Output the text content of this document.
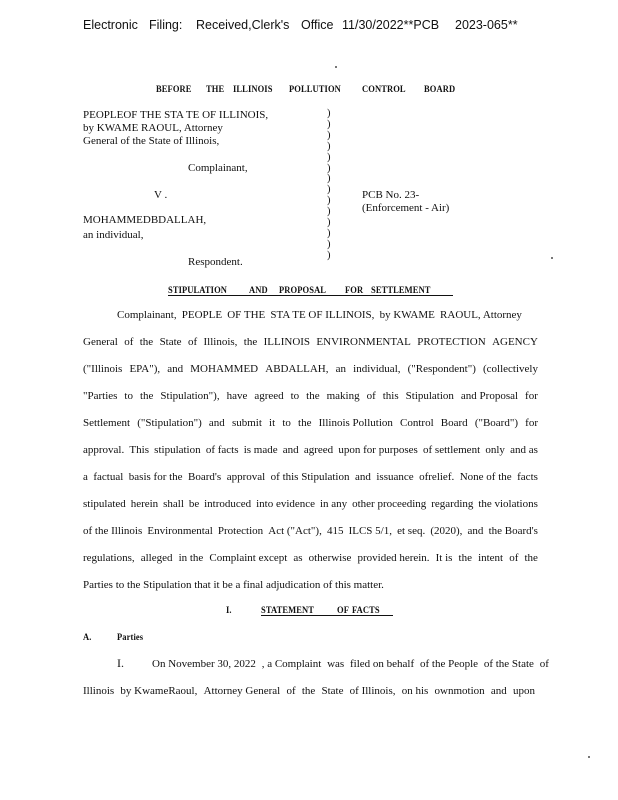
Electronic Filing: Received,Clerk's Office 11/30/2022**PCB 2023-065**
BEFORE THE ILLINOIS POLLUTION CONTROL BOARD
PEOPLEOF THE STA TE OF ILLINOIS,
by KWAME RAOUL, Attorney
General of the State of Illinois,
Complainant,
V .
MOHAMMEDBDALLAH,
an individual,
Respondent.
PCB No. 23-
(Enforcement - Air)
)
)
)
)
)
)
)
)
)
)
)
)
)
)
STIPULATION	AND PROPOSAL FOR SETTLEMENT
Complainant, PEOPLE OF THE STA TE OF ILLINOIS, by KWAME RAOUL, Attorney
General of the State of Illinois, the ILLINOIS ENVIRONMENTAL PROTECTION AGENCY
("Illinois EPA"), and MOHAMMED ABDALLAH, an individual, ("Respondent") (collectively
"Parties to the Stipulation"), have agreed to the making of this Stipulation and Proposal for
Settlement ("Stipulation") and submit it to the Illinois Pollution Control Board ("Board") for
approval. This stipulation of facts is made and agreed upon for purposes of settlement only and as
a factual basis for the Board's approval of this Stipulation and issuance ofrelief. None of the facts
stipulated herein shall be introduced into evidence in any other proceeding regarding the violations
of the Illinois Environmental Protection Act ("Act"), 415 ILCS 5/1, et seq. (2020), and the Board's
regulations, alleged in the Complaint except as otherwise provided herein. It is the intent of the
Parties to the Stipulation that it be a final adjudication of this matter.
I.	STATEMENT	OF FACTS
A.	Parties
I.	On November 30, 2022 , a Complaint was filed on behalf of the People of the State of
Illinois by KwameRaoul, Attorney General of the State of Illinois, on his ownmotion and upon
